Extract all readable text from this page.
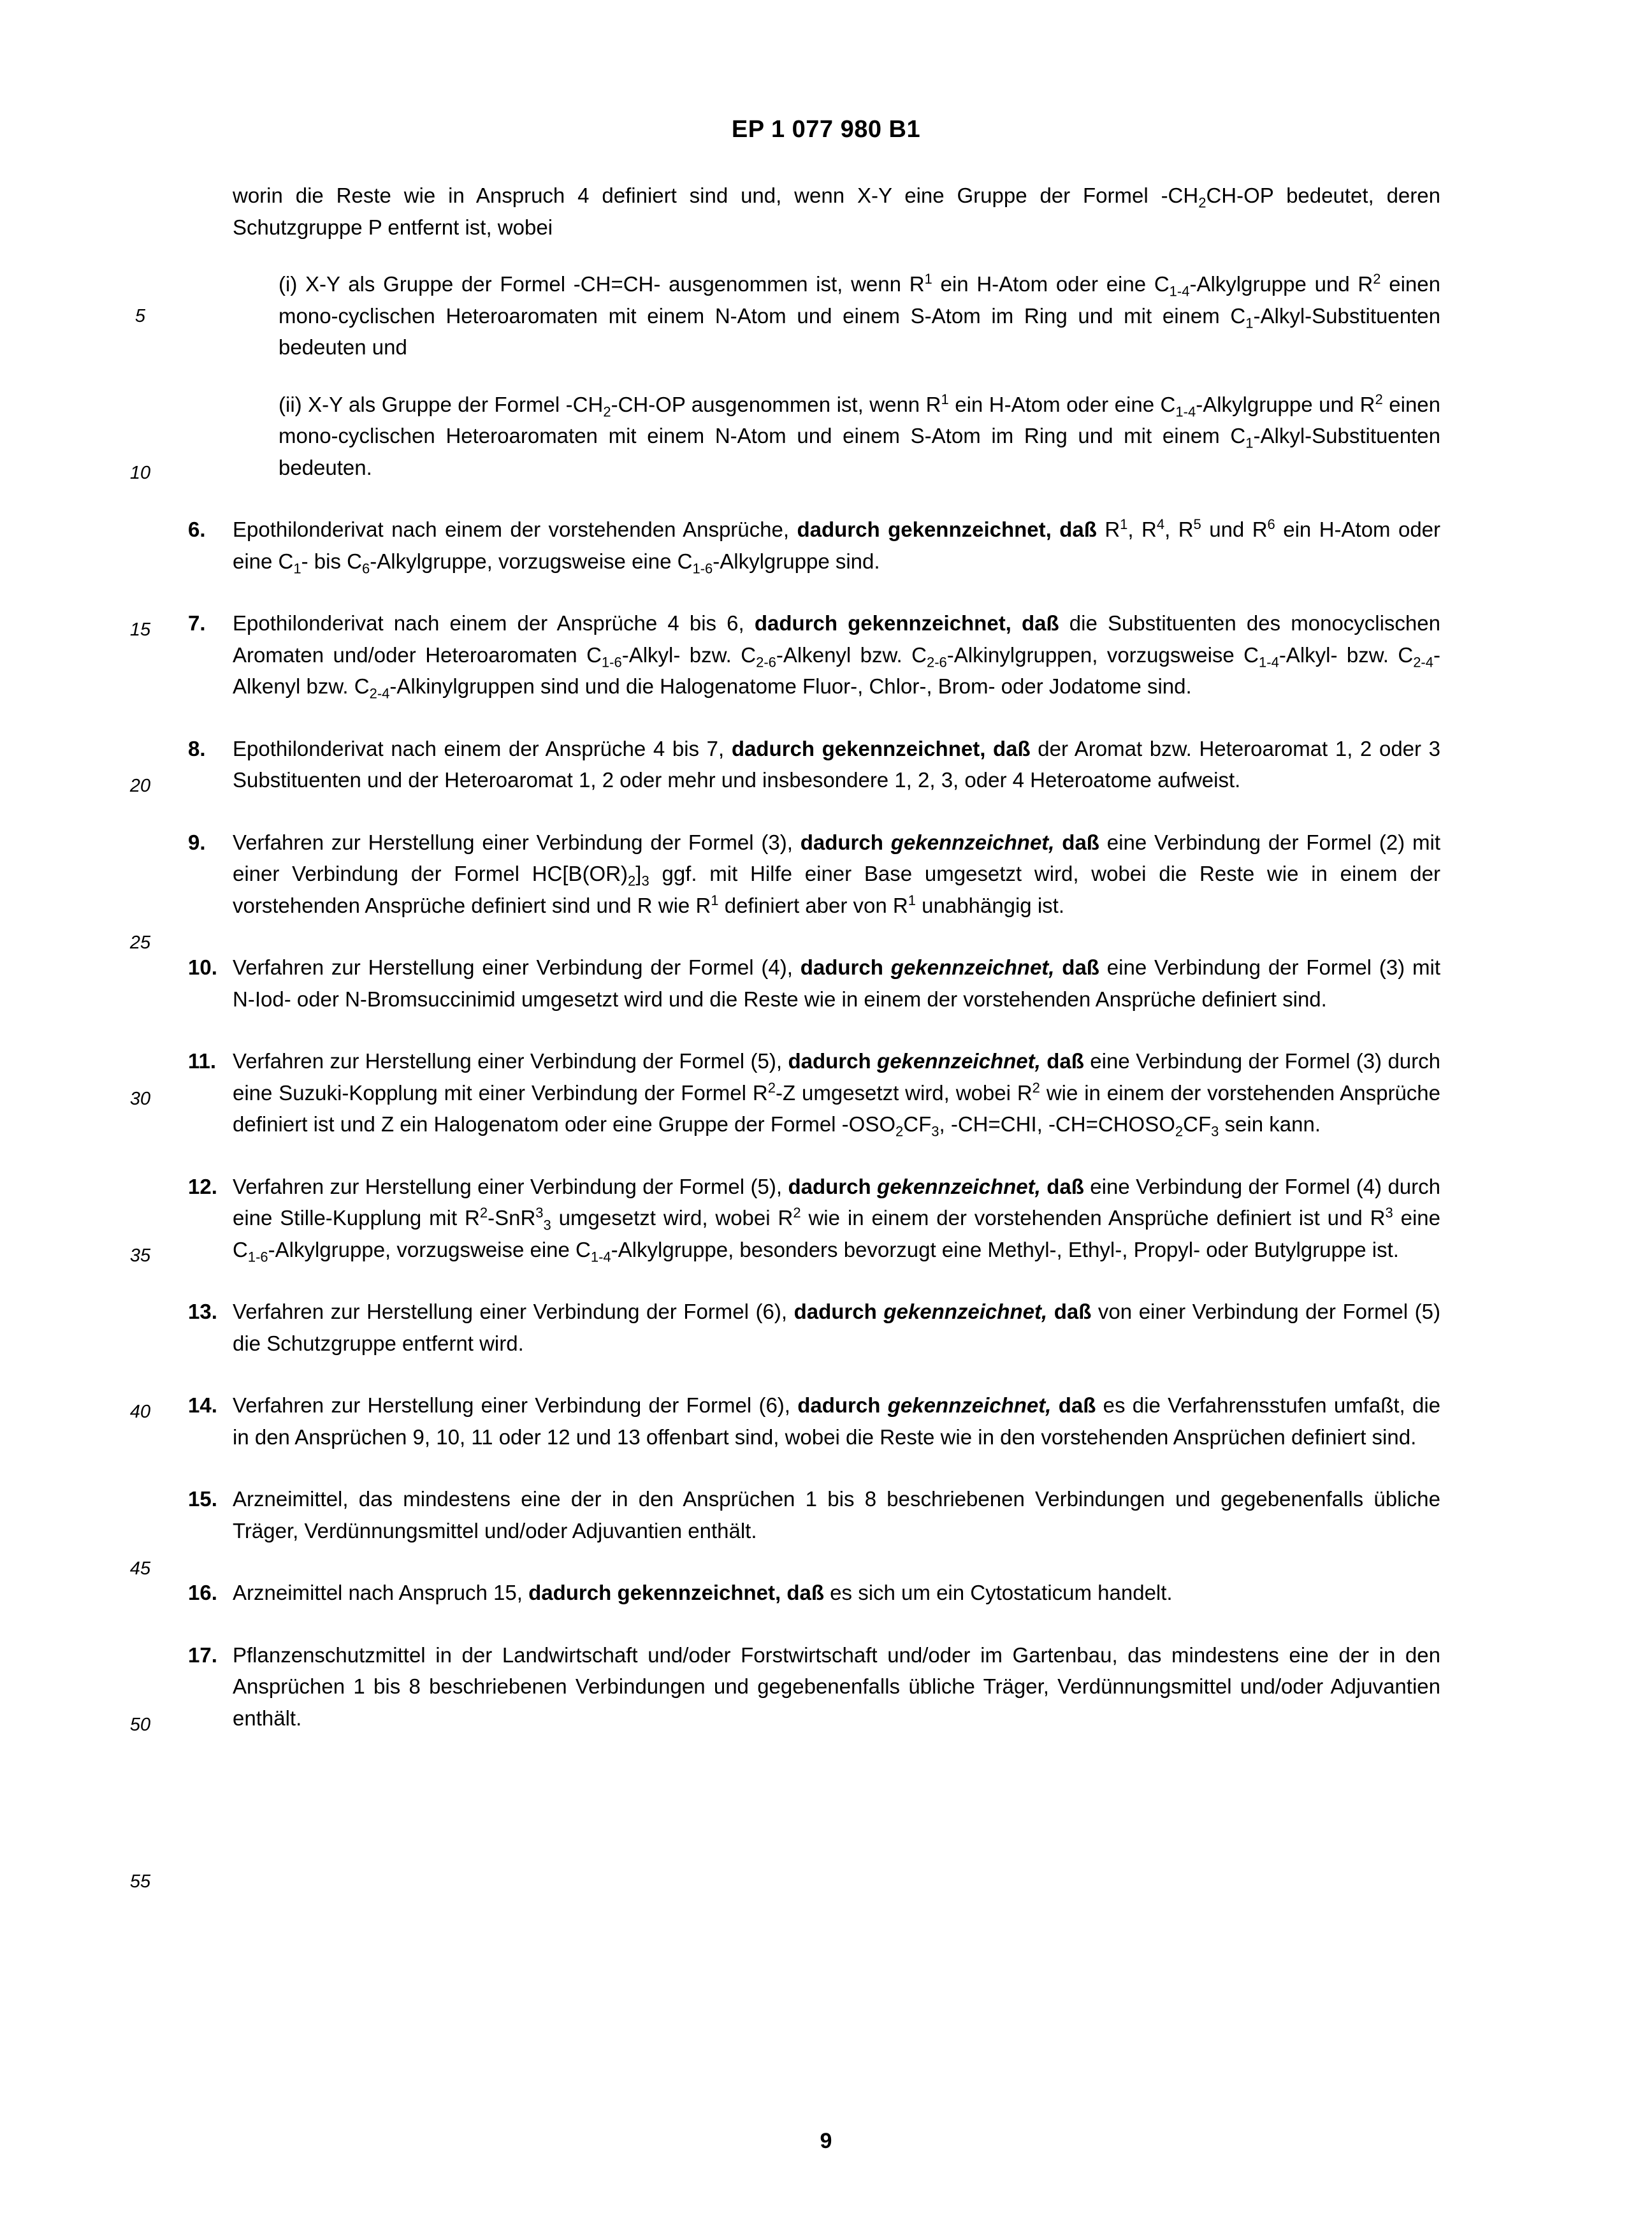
EP 1 077 980 B1
5
10
15
20
25
30
35
40
45
50
55

worin die Reste wie in Anspruch 4 definiert sind und, wenn X-Y eine Gruppe der Formel $-CH_2CH-OP$ bedeutet, deren Schutzgruppe P entfernt ist, wobei

(i) X-Y als Gruppe der Formel -CH=CH- ausgenommen ist, wenn $R^1$ ein H-Atom oder eine $C_{1-4}$-Alkylgruppe und $R^2$ einen mono-cyclischen Heteroaromaten mit einem N-Atom und einem S-Atom im Ring und mit einem $C_1-Alkyl$-Substituenten bedeuten und

(ii) X-Y als Gruppe der Formel $-CH_2-CH-OP$ ausgenommen ist, wenn $R^1$ ein H-Atom oder eine $C_{1-4}$-Alkylgruppe und $R^2$ einen mono-cyclischen Heteroaromaten mit einem N-Atom und einem S-Atom im Ring und mit einem $C_1-Alkyl$-Substituenten bedeuten.

6. Epothilonderivat nach einem der vorstehenden Ansprüche, dadurch gekennzeichnet, daß $R^1$, $R^4$, $R^5$ und $R^6$ ein H-Atom oder eine $C_1-$ bis $C_6$-Alkylgruppe, vorzugsweise eine $C_{1-6}$-Alkylgruppe sind.

7. Epothilonderivat nach einem der Ansprüche 4 bis 6, dadurch gekennzeichnet, daß die Substituenten des monocyclischen Aromaten und/oder Heteroaromaten $C_{1-6}-Alkyl-$ bzw. $C_{2-6}$-Alkenyl bzw. $C_{2-6}$-Alkinylgruppen, vorzugsweise $C_{1-4}-Alkyl-$ bzw. $C_{2-4}$-Alkenyl bzw. $C_{2-4}$-Alkinylgruppen sind und die Halogenatome Fluor-, Chlor-, Brom- oder Jodatome sind.

8. Epothilonderivat nach einem der Ansprüche 4 bis 7, dadurch gekennzeichnet, daß der Aromat bzw. Heteroaromat 1, 2 oder 3 Substituenten und der Heteroaromat 1, 2 oder mehr und insbesondere 1, 2, 3, oder 4 Heteroatome aufweist.

9. Verfahren zur Herstellung einer Verbindung der Formel (3), dadurch gekennzeichnet, daß eine Verbindung der Formel (2) mit einer Verbindung der Formel $HC[B(OR)_2]_3$ ggf. mit Hilfe einer Base umgesetzt wird, wobei die Reste wie in einem der vorstehenden Ansprüche definiert sind und R wie $R^1$ definiert aber von $R^1$ unabhängig ist.

10. Verfahren zur Herstellung einer Verbindung der Formel (4), dadurch gekennzeichnet, daß eine Verbindung der Formel (3) mit N-Iod- oder N-Bromsuccinimid umgesetzt wird und die Reste wie in einem der vorstehenden Ansprüche definiert sind.

11. Verfahren zur Herstellung einer Verbindung der Formel (5), dadurch gekennzeichnet, daß eine Verbindung der Formel (3) durch eine Suzuki-Kopplung mit einer Verbindung der Formel $R^2-Z$ umgesetzt wird, wobei $R^2$ wie in einem der vorstehenden Ansprüche definiert ist und Z ein Halogenatom oder eine Gruppe der Formel $-OSO_2CF_3$, -CH=CHI, $-CH=CHOSO_2CF_3$ sein kann.

12. Verfahren zur Herstellung einer Verbindung der Formel (5), dadurch gekennzeichnet, daß eine Verbindung der Formel (4) durch eine Stille-Kupplung mit $R^2-SnR^3_3$ umgesetzt wird, wobei $R^2$ wie in einem der vorstehenden Ansprüche definiert ist und $R^3$ eine $C_{1-6}$-Alkylgruppe, vorzugsweise eine $C_{1-4}$-Alkylgruppe, besonders bevorzugt eine Methyl-, Ethyl-, Propyl- oder Butylgruppe ist.

13. Verfahren zur Herstellung einer Verbindung der Formel (6), dadurch gekennzeichnet, daß von einer Verbindung der Formel (5) die Schutzgruppe entfernt wird.

14. Verfahren zur Herstellung einer Verbindung der Formel (6), dadurch gekennzeichnet, daß es die Verfahrensstufen umfaßt, die in den Ansprüchen 9, 10, 11 oder 12 und 13 offenbart sind, wobei die Reste wie in den vorstehenden Ansprüchen definiert sind.

15. Arzneimittel, das mindestens eine der in den Ansprüchen 1 bis 8 beschriebenen Verbindungen und gegebenenfalls übliche Träger, Verdünnungsmittel und/oder Adjuvantien enthält.

16. Arzneimittel nach Anspruch 15, dadurch gekennzeichnet, daß es sich um ein Cytostaticum handelt.

17. Pflanzenschutzmittel in der Landwirtschaft und/oder Forstwirtschaft und/oder im Gartenbau, das mindestens eine der in den Ansprüchen 1 bis 8 beschriebenen Verbindungen und gegebenenfalls übliche Träger, Verdünnungsmittel und/oder Adjuvantien enthält.

9
